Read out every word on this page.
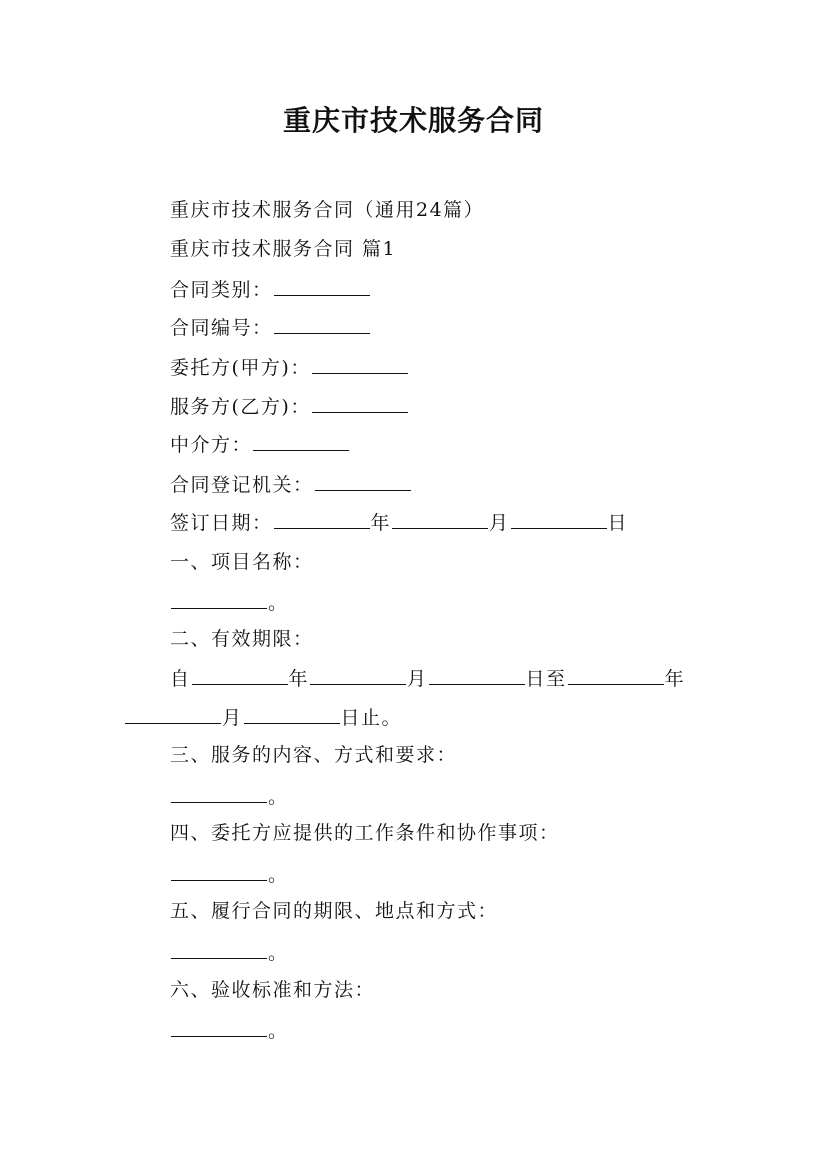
重庆市技术服务合同
重庆市技术服务合同（通用24篇）
重庆市技术服务合同 篇1
合同类别：
合同编号：
委托方(甲方)：
服务方(乙方)：
中介方：
合同登记机关：
签订日期：	年	月	日
一、项目名称：
。
二、有效期限：
自	年	月	日至	年
月	日止。
三、服务的内容、方式和要求：
。
四、委托方应提供的工作条件和协作事项：
。
五、履行合同的期限、地点和方式：
。
六、验收标准和方法：
。
